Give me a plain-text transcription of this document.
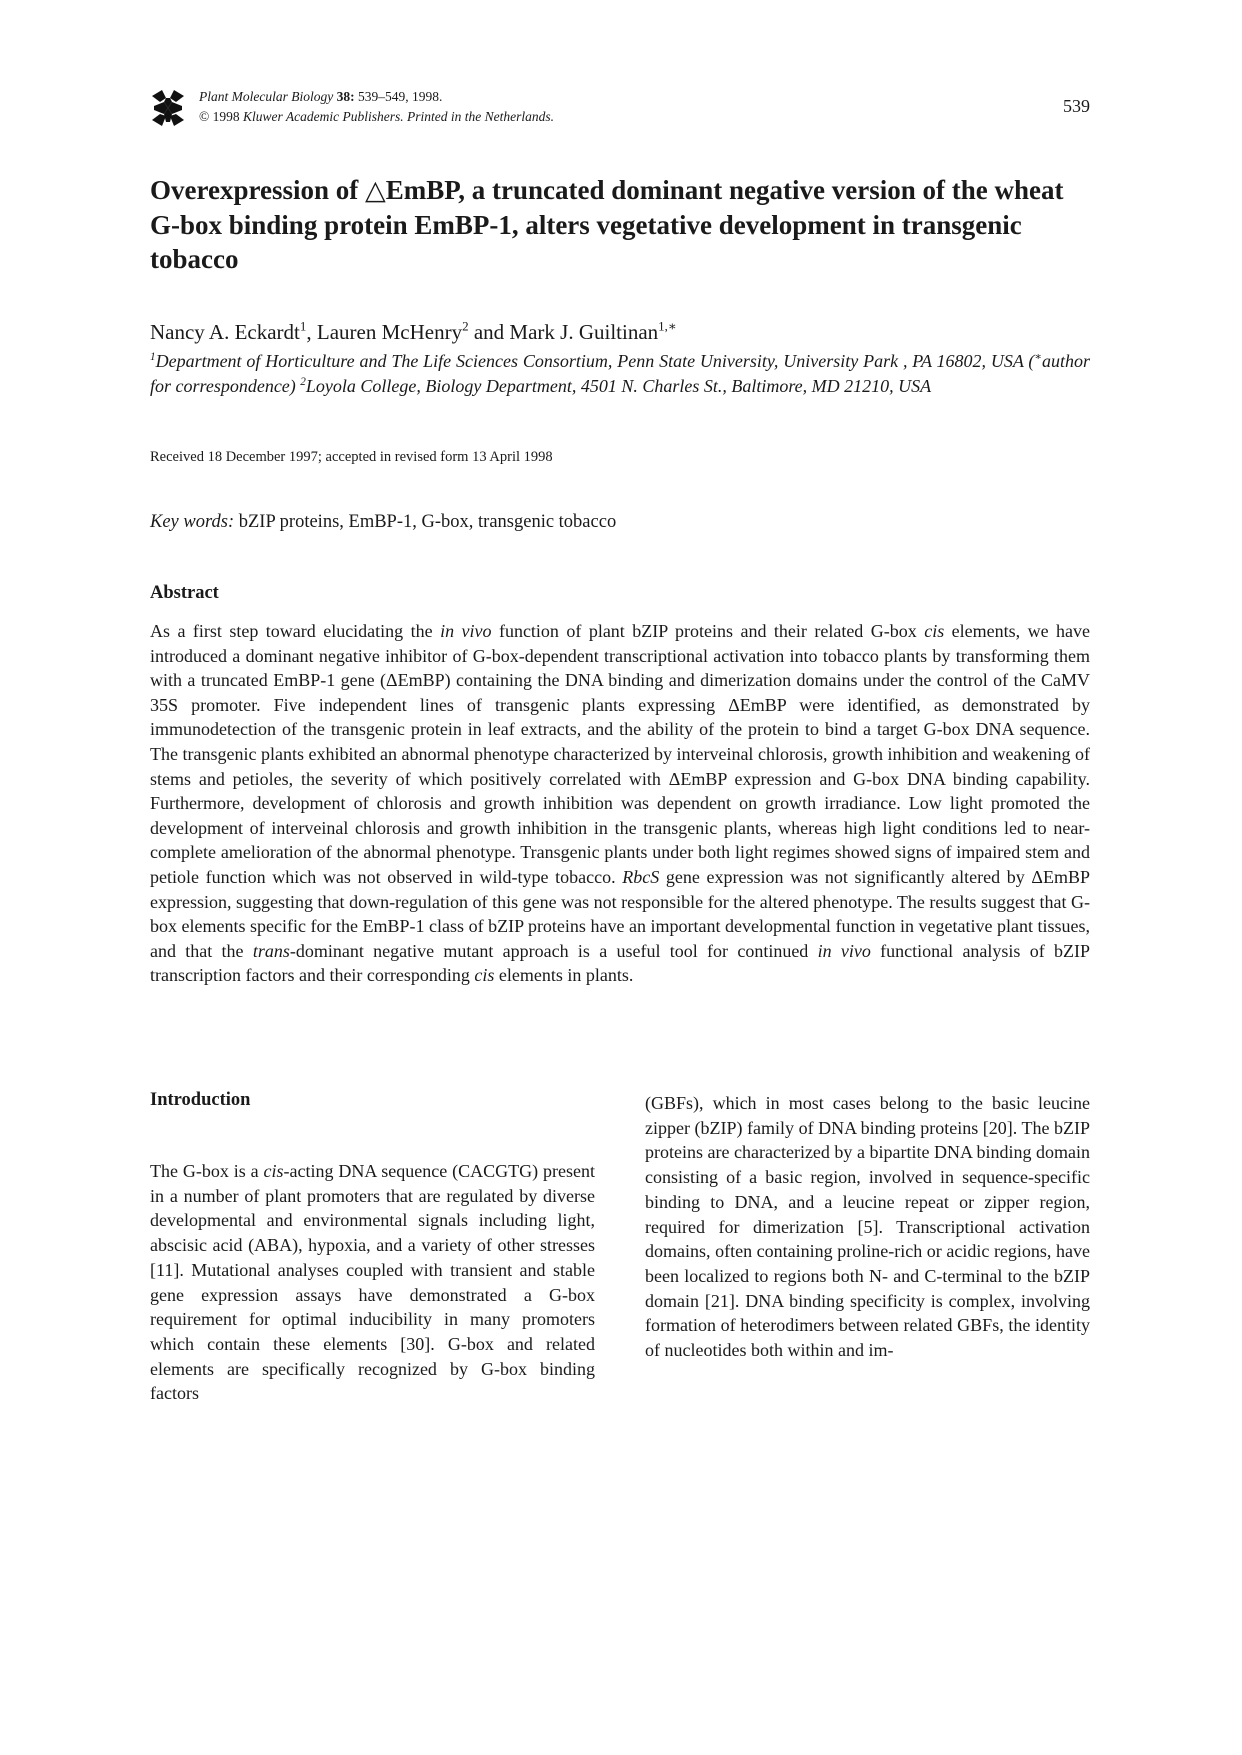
Plant Molecular Biology 38: 539–549, 1998.
© 1998 Kluwer Academic Publishers. Printed in the Netherlands.
539
Overexpression of △EmBP, a truncated dominant negative version of the wheat G-box binding protein EmBP-1, alters vegetative development in transgenic tobacco
Nancy A. Eckardt$^1$, Lauren McHenry$^2$ and Mark J. Guiltinan$^{1,∗}$
$^1$Department of Horticulture and The Life Sciences Consortium, Penn State University, University Park , PA 16802, USA (∗author for correspondence) $^2$Loyola College, Biology Department, 4501 N. Charles St., Baltimore, MD 21210, USA
Received 18 December 1997; accepted in revised form 13 April 1998
Key words: bZIP proteins, EmBP-1, G-box, transgenic tobacco
Abstract
As a first step toward elucidating the in vivo function of plant bZIP proteins and their related G-box cis elements, we have introduced a dominant negative inhibitor of G-box-dependent transcriptional activation into tobacco plants by transforming them with a truncated EmBP-1 gene (ΔEmBP) containing the DNA binding and dimerization domains under the control of the CaMV 35S promoter. Five independent lines of transgenic plants expressing ΔEmBP were identified, as demonstrated by immunodetection of the transgenic protein in leaf extracts, and the ability of the protein to bind a target G-box DNA sequence. The transgenic plants exhibited an abnormal phenotype characterized by interveinal chlorosis, growth inhibition and weakening of stems and petioles, the severity of which positively correlated with ΔEmBP expression and G-box DNA binding capability. Furthermore, development of chlorosis and growth inhibition was dependent on growth irradiance. Low light promoted the development of interveinal chlorosis and growth inhibition in the transgenic plants, whereas high light conditions led to near-complete amelioration of the abnormal phenotype. Transgenic plants under both light regimes showed signs of impaired stem and petiole function which was not observed in wild-type tobacco. RbcS gene expression was not significantly altered by ΔEmBP expression, suggesting that down-regulation of this gene was not responsible for the altered phenotype. The results suggest that G-box elements specific for the EmBP-1 class of bZIP proteins have an important developmental function in vegetative plant tissues, and that the trans-dominant negative mutant approach is a useful tool for continued in vivo functional analysis of bZIP transcription factors and their corresponding cis elements in plants.
Introduction
The G-box is a cis-acting DNA sequence (CACGTG) present in a number of plant promoters that are regulated by diverse developmental and environmental signals including light, abscisic acid (ABA), hypoxia, and a variety of other stresses [11]. Mutational analyses coupled with transient and stable gene expression assays have demonstrated a G-box requirement for optimal inducibility in many promoters which contain these elements [30]. G-box and related elements are specifically recognized by G-box binding factors
(GBFs), which in most cases belong to the basic leucine zipper (bZIP) family of DNA binding proteins [20]. The bZIP proteins are characterized by a bipartite DNA binding domain consisting of a basic region, involved in sequence-specific binding to DNA, and a leucine repeat or zipper region, required for dimerization [5]. Transcriptional activation domains, often containing proline-rich or acidic regions, have been localized to regions both N- and C-terminal to the bZIP domain [21]. DNA binding specificity is complex, involving formation of heterodimers between related GBFs, the identity of nucleotides both within and im-
